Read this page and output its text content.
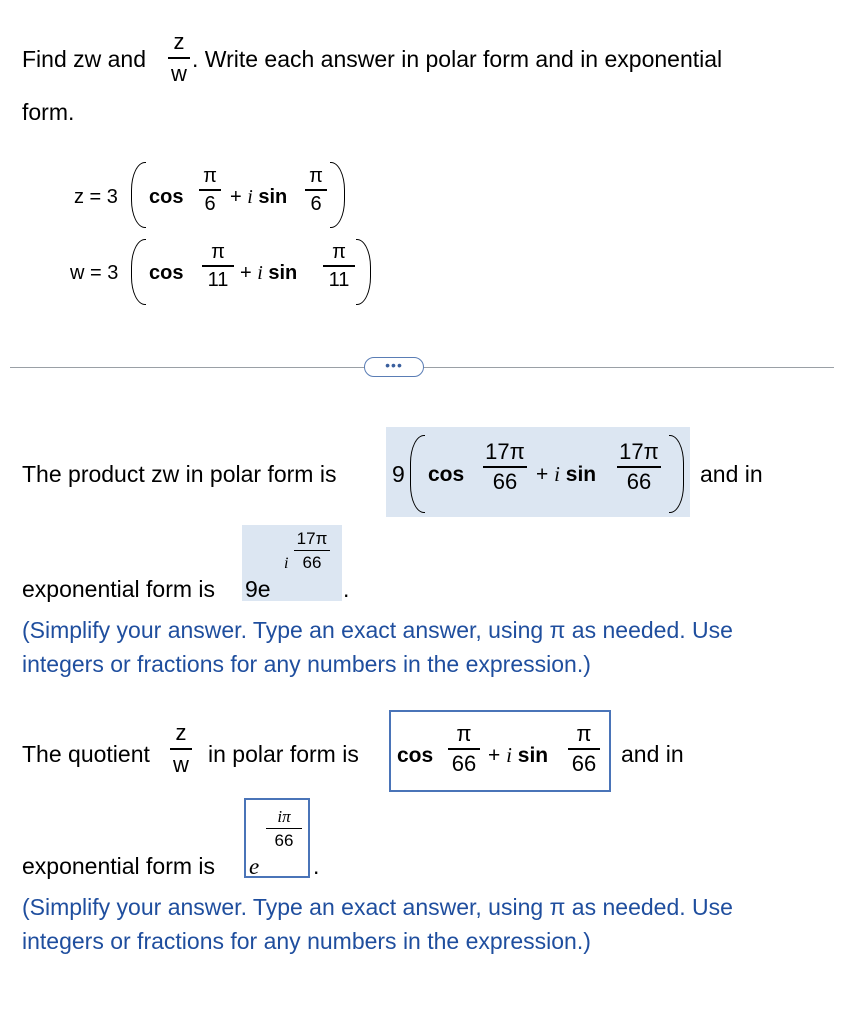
Find zw and
z
w
. Write each answer in polar form and in exponential
form.
z = 3 cos
π
6 + i sin
π
6
w = 3 cos
π
11 + i sin
π
11
•••
The product zw in polar form is 9 cos
17π
66 + i sin
17π
66	and in
exponential form is 9e
i
17π
66
.
(Simplify your answer. Type an exact answer, using π as needed. Use
integers or fractions for any numbers in the expression.)
The quotient
z
w in polar form is cos
π
66 + i sin
π
66 and in
exponential form is e
iπ
66
.
(Simplify your answer. Type an exact answer, using π as needed. Use
integers or fractions for any numbers in the expression.)
